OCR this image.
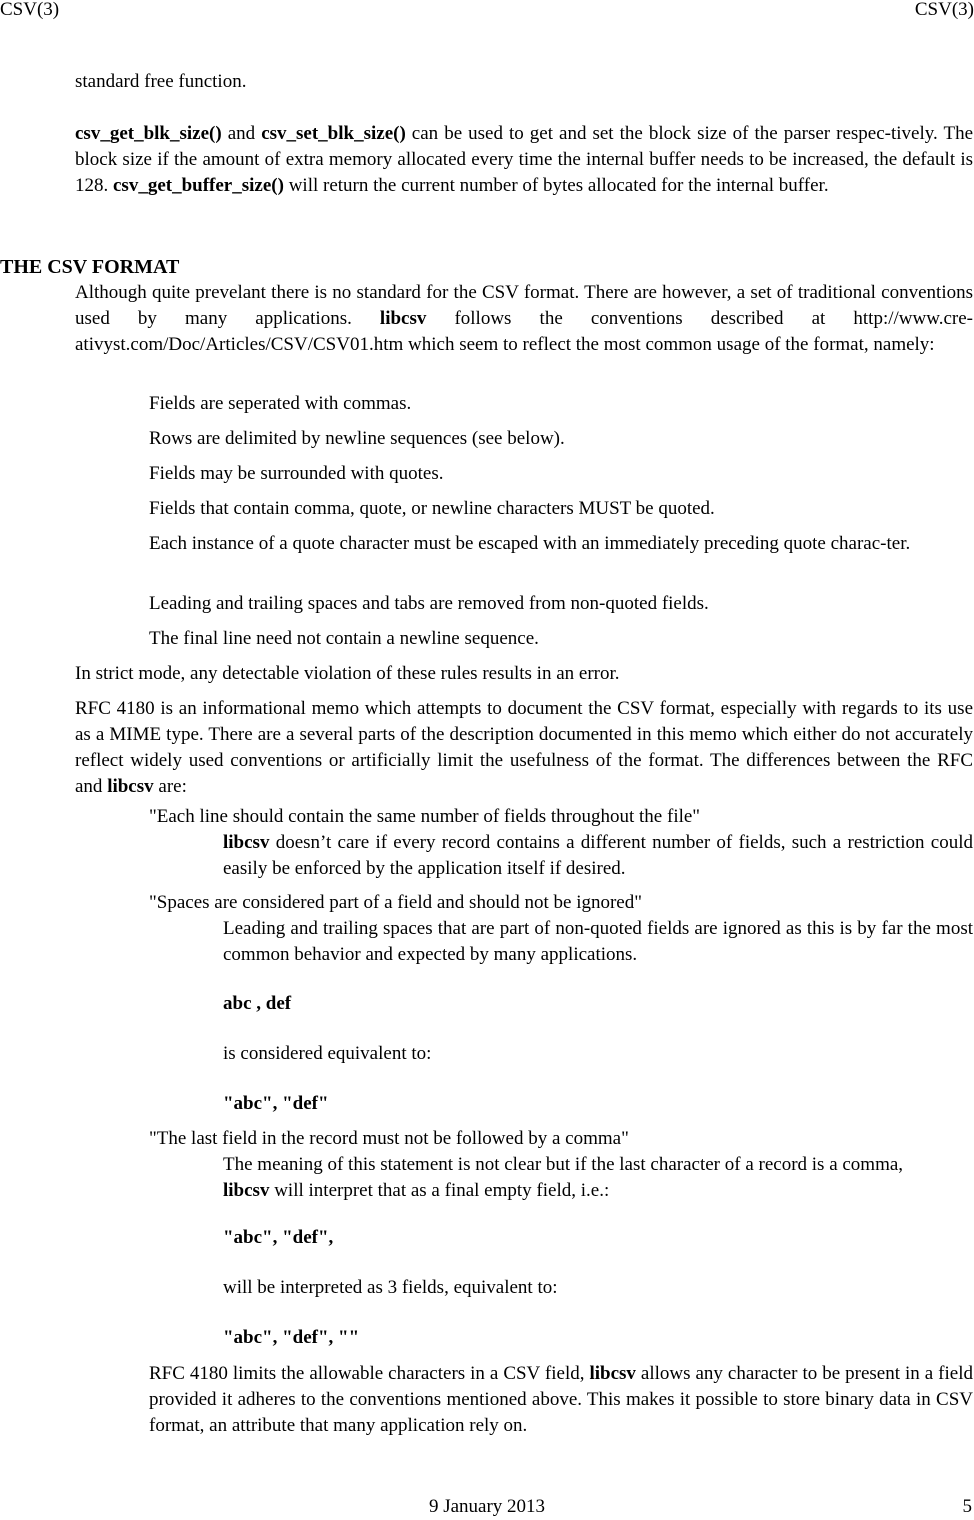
CSV(3)	CSV(3)
standard free function.
csv_get_blk_size() and csv_set_blk_size() can be used to get and set the block size of the parser respec-tively. The block size if the amount of extra memory allocated every time the internal buffer needs to be increased, the default is 128. csv_get_buffer_size() will return the current number of bytes allocated for the internal buffer.
THE CSV FORMAT
Although quite prevelant there is no standard for the CSV format. There are however, a set of traditional conventions used by many applications. libcsv follows the conventions described at http://www.cre-ativyst.com/Doc/Articles/CSV/CSV01.htm which seem to reflect the most common usage of the format, namely:
Fields are seperated with commas.
Rows are delimited by newline sequences (see below).
Fields may be surrounded with quotes.
Fields that contain comma, quote, or newline characters MUST be quoted.
Each instance of a quote character must be escaped with an immediately preceding quote charac-ter.
Leading and trailing spaces and tabs are removed from non-quoted fields.
The final line need not contain a newline sequence.
In strict mode, any detectable violation of these rules results in an error.
RFC 4180 is an informational memo which attempts to document the CSV format, especially with regards to its use as a MIME type. There are a several parts of the description documented in this memo which either do not accurately reflect widely used conventions or artificially limit the usefulness of the format. The differences between the RFC and libcsv are:
"Each line should contain the same number of fields throughout the file"
libcsv doesn’t care if every record contains a different number of fields, such a restriction could easily be enforced by the application itself if desired.
"Spaces are considered part of a field and should not be ignored"
Leading and trailing spaces that are part of non-quoted fields are ignored as this is by far the most common behavior and expected by many applications.
abc , def
is considered equivalent to:
"abc", "def"
"The last field in the record must not be followed by a comma"
The meaning of this statement is not clear but if the last character of a record is a comma,
libcsv will interpret that as a final empty field, i.e.:
"abc", "def",
will be interpreted as 3 fields, equivalent to:
"abc", "def", ""
RFC 4180 limits the allowable characters in a CSV field, libcsv allows any character to be present in a field provided it adheres to the conventions mentioned above. This makes it possible to store binary data in CSV format, an attribute that many application rely on.
9 January 2013	5
